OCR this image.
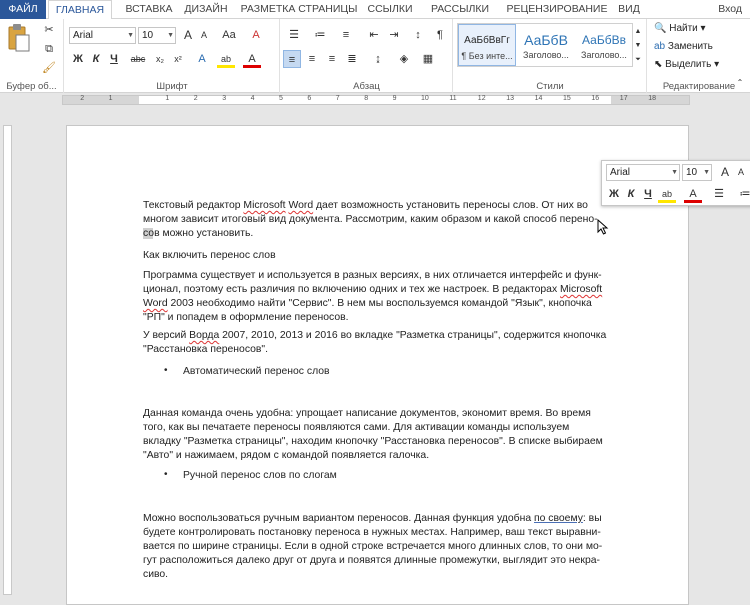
ФАЙЛ	ГЛАВНАЯ	ВСТАВКА	ДИЗАЙН	РАЗМЕТКА СТРАНИЦЫ ССЫЛКИ РАССЫЛКИ РЕЦЕНЗИРОВАНИЕ	ВИД	Вход
✂
⧉
🖌
Буфер об...
Arial	▼ 10 ▼ A A	Aa	A
Ж К Ч	abc	x₂	x²	A	ab	A
Шрифт
☰	≔	≡	⇤ ⇥	↕	¶
≡	≡	≡	≣	↨	◈	▦
Абзац
АаБбВвГг
¶ Без инте...
АаБбВ
Заголово...
АаБбВв
Заголово...
▲
▼
⏷
Стили
🔍 Найти ▾
ab Заменить
⬉ Выделить ▾
Редактирование ⌃
2	1	1	2	3	4	5	6	7	8	9	10	11	12	13	14	15	16	17	18
Текстовый редактор Microsoft Word дает возможность установить переносы слов. От них во
многом зависит итоговый вид документа. Рассмотрим, каким образом и какой способ перено-
сов можно установить.
Как включить перенос слов
Программа существует и используется в разных версиях, в них отличается интерфейс и функ-
ционал, поэтому есть различия по включению одних и тех же настроек. В редакторах Microsoft
Word 2003 необходимо найти "Сервис". В нем мы воспользуемся командой "Язык", кнопочка
"РП" и попадем в оформление переносов.
У версий Ворда 2007, 2010, 2013 и 2016 во вкладке "Разметка страницы", содержится кнопочка
"Расстановка переносов".
• Автоматический перенос слов
Данная команда очень удобна: упрощает написание документов, экономит время. Во время
того, как вы печатаете переносы появляются сами. Для активации команды используем
вкладку "Разметка страницы", находим кнопочку "Расстановка переносов". В списке выбираем
"Авто" и нажимаем, рядом с командой появляется галочка.
• Ручной перенос слов по слогам
Можно воспользоваться ручным вариантом переносов. Данная функция удобна по своему: вы
будете контролировать постановку переноса в нужных местах. Например, ваш текст выравни-
вается по ширине страницы. Если в одной строке встречается много длинных слов, то они мо-
гут расположиться далеко друг от друга и появятся длинные промежутки, выглядит это некра-
сиво.
Arial	▼ 10 ▼ A A
Ж К Ч	ab	A	☰	≔
